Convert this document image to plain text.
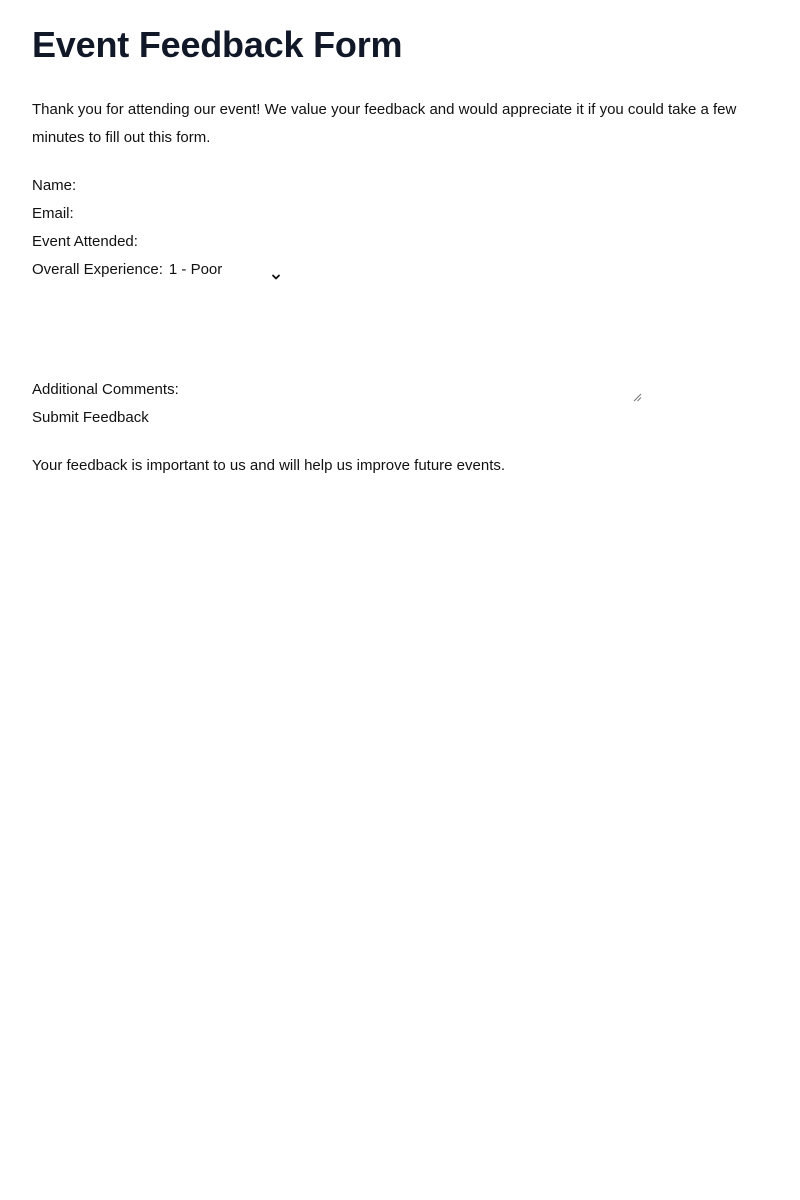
Event Feedback Form

Thank you for attending our event! We value your feedback and would appreciate it if you could take a few minutes to fill out this form.

Name:
Email:
Event Attended:
Overall Experience: 1 - Poor
Additional Comments:
Submit Feedback

Your feedback is important to us and will help us improve future events.
